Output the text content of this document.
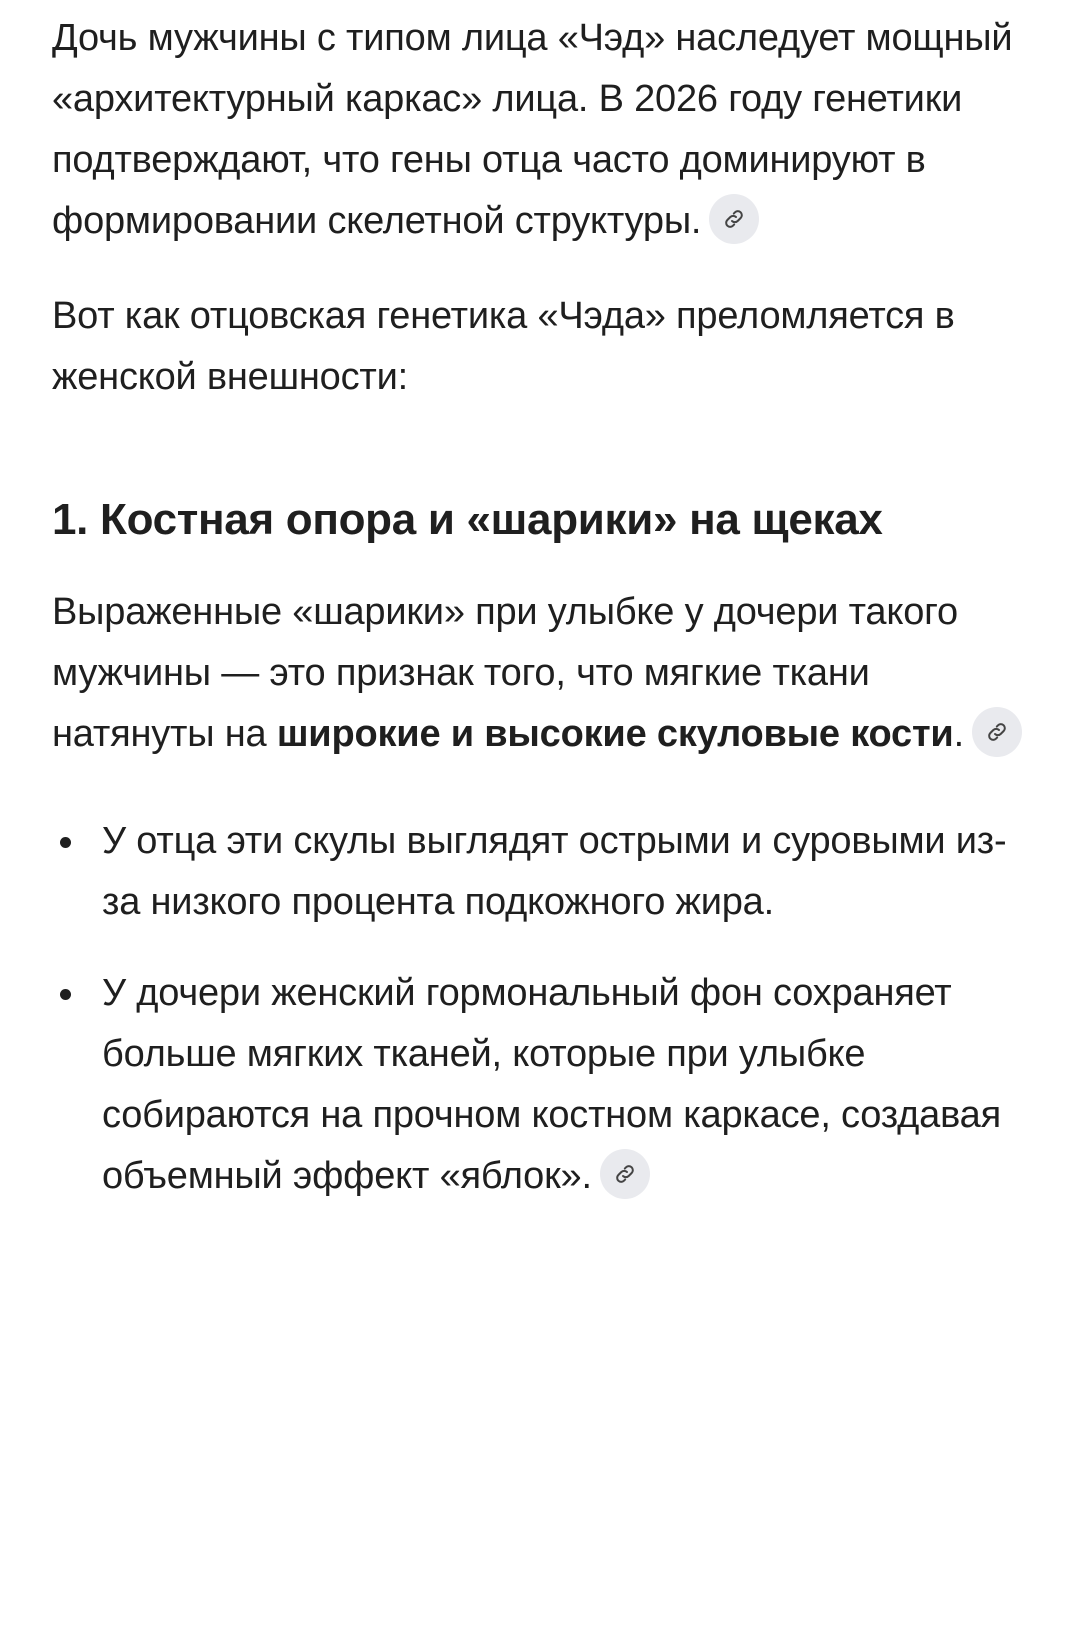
Дочь мужчины с типом лица «Чэд» наследует мощный «архитектурный каркас» лица. В 2026 году генетики подтверждают, что гены отца часто доминируют в формировании скелетной структуры.

Вот как отцовская генетика «Чэда» преломляется в женской внешности:

1. Костная опора и «шарики» на щеках

Выраженные «шарики» при улыбке у дочери такого мужчины — это признак того, что мягкие ткани натянуты на широкие и высокие скуловые кости.

У отца эти скулы выглядят острыми и суровыми из-за низкого процента подкожного жира.
У дочери женский гормональный фон сохраняет больше мягких тканей, которые при улыбке собираются на прочном костном каркасе, создавая объемный эффект «яблок».
